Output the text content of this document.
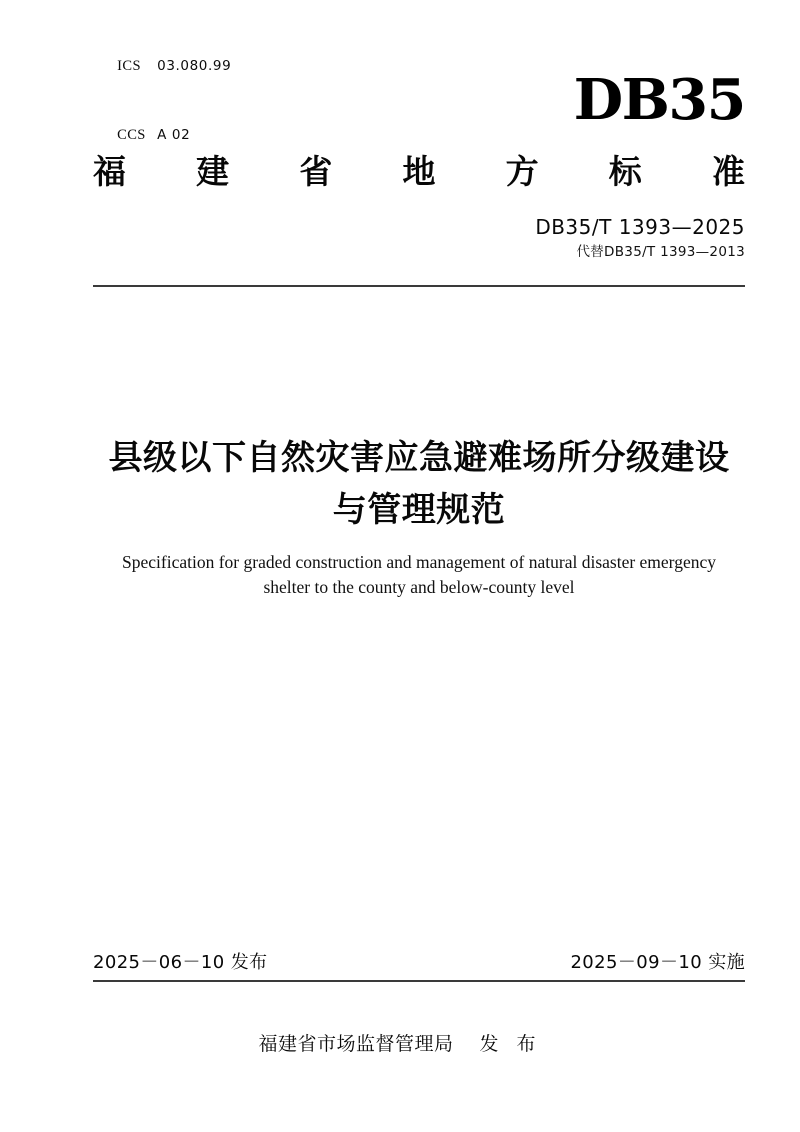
ICS 03.080.99

CCS A 02

DB35
福 建 省 地 方 标 准
DB35/T 1393—2025
代替DB35/T 1393—2013
县级以下自然灾害应急避难场所分级建设
与管理规范
Specification for graded construction and management of natural disaster emergency
shelter to the county and below-county level
2025－06－10 发布	2025－09－10 实施
福建省市场监督管理局 发 布
